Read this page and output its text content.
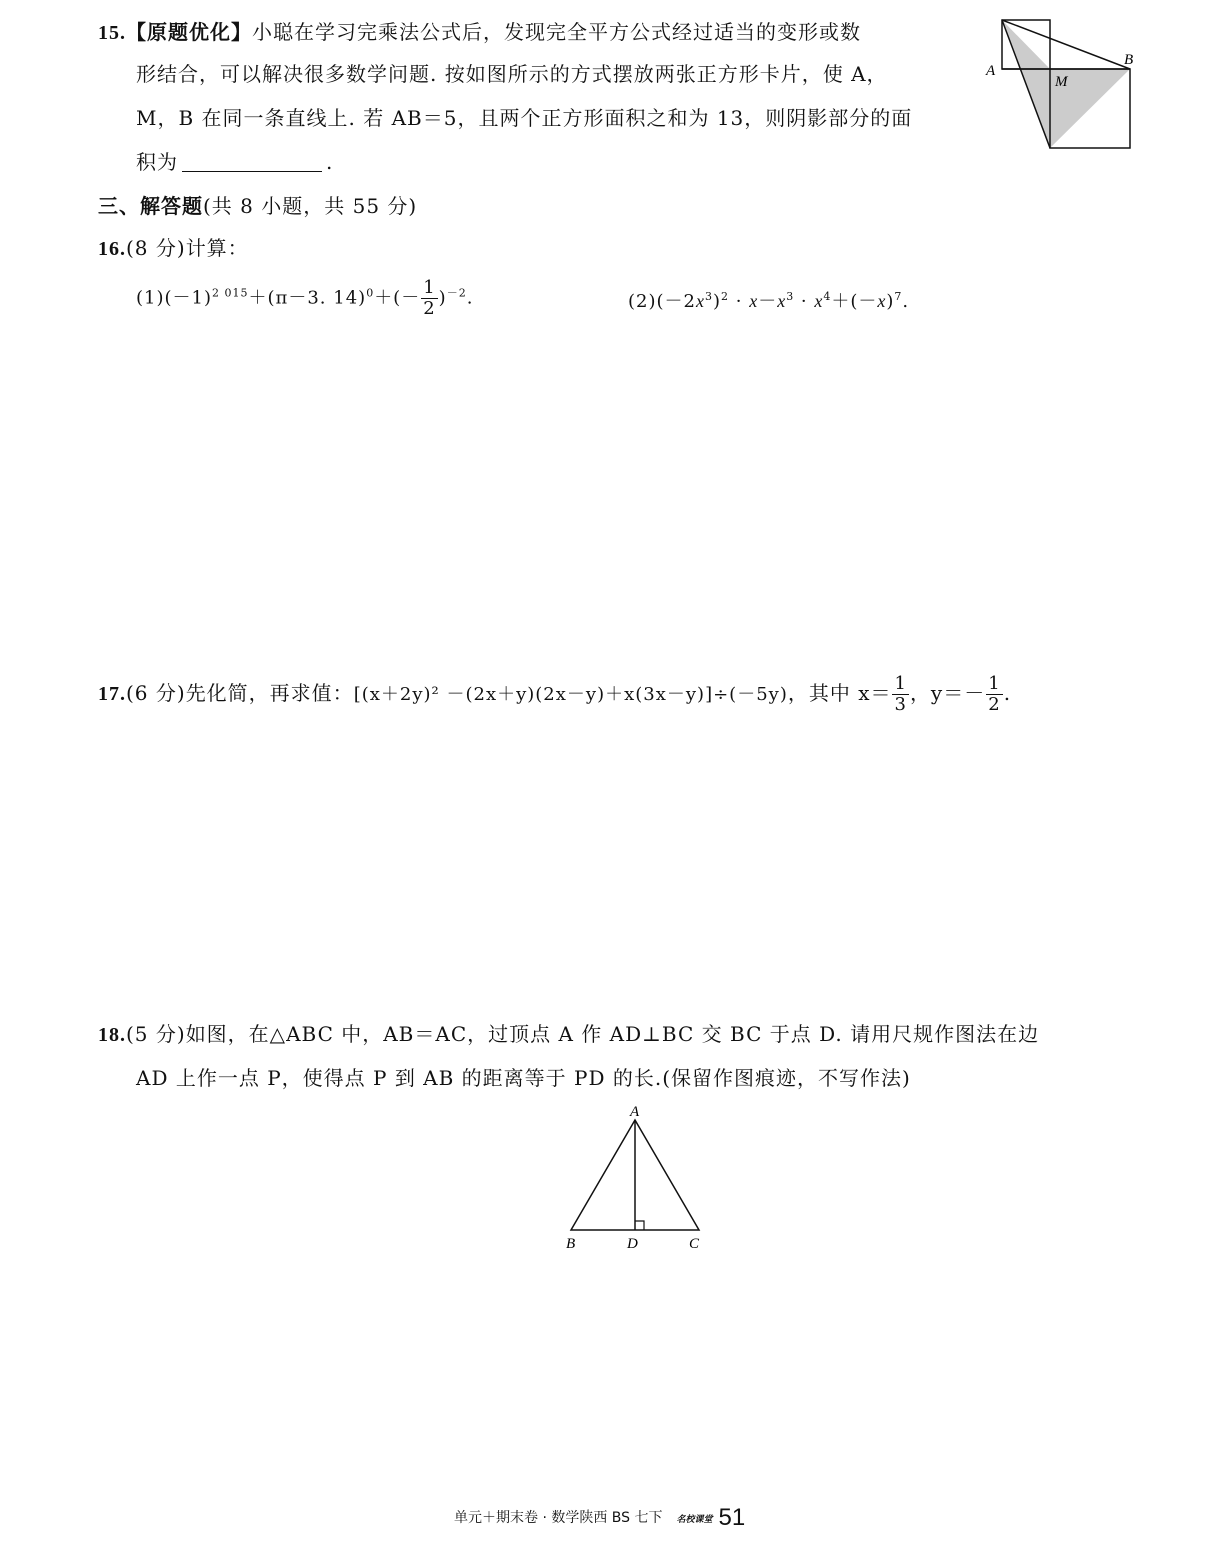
15.【原题优化】小聪在学习完乘法公式后，发现完全平方公式经过适当的变形或数
形结合，可以解决很多数学问题. 按如图所示的方式摆放两张正方形卡片，使 A，
M，B 在同一条直线上. 若 AB＝5，且两个正方形面积之和为 13，则阴影部分的面
积为	.
A
M
B
三、解答题(共 8 小题，共 55 分)
16.(8 分)计算：
$(1)(-1)^{2 015}+(\pi-3$. $14)^0+(- \frac{1}{2} )^{-2}$.	$(2)(-2x^3)^2 \cdot x-x^3 \cdot x^4+(-x)^7$.
17.(6 分)先化简，再求值：[(x＋2y)² －(2x＋y)(2x－y)＋x(3x－y)]÷(－5y)，其中 $x= \frac{1}{3}$ ，$y=- \frac{1}{2}$ .
18.(5 分)如图，在△ABC 中，AB＝AC，过顶点 A 作 AD⊥BC 交 BC 于点 D. 请用尺规作图法在边
AD 上作一点 P，使得点 P 到 AB 的距离等于 PD 的长.(保留作图痕迹，不写作法)
A
B	D	C
单元＋期末卷 · 数学陕西 BS 七下 名校课堂 51
